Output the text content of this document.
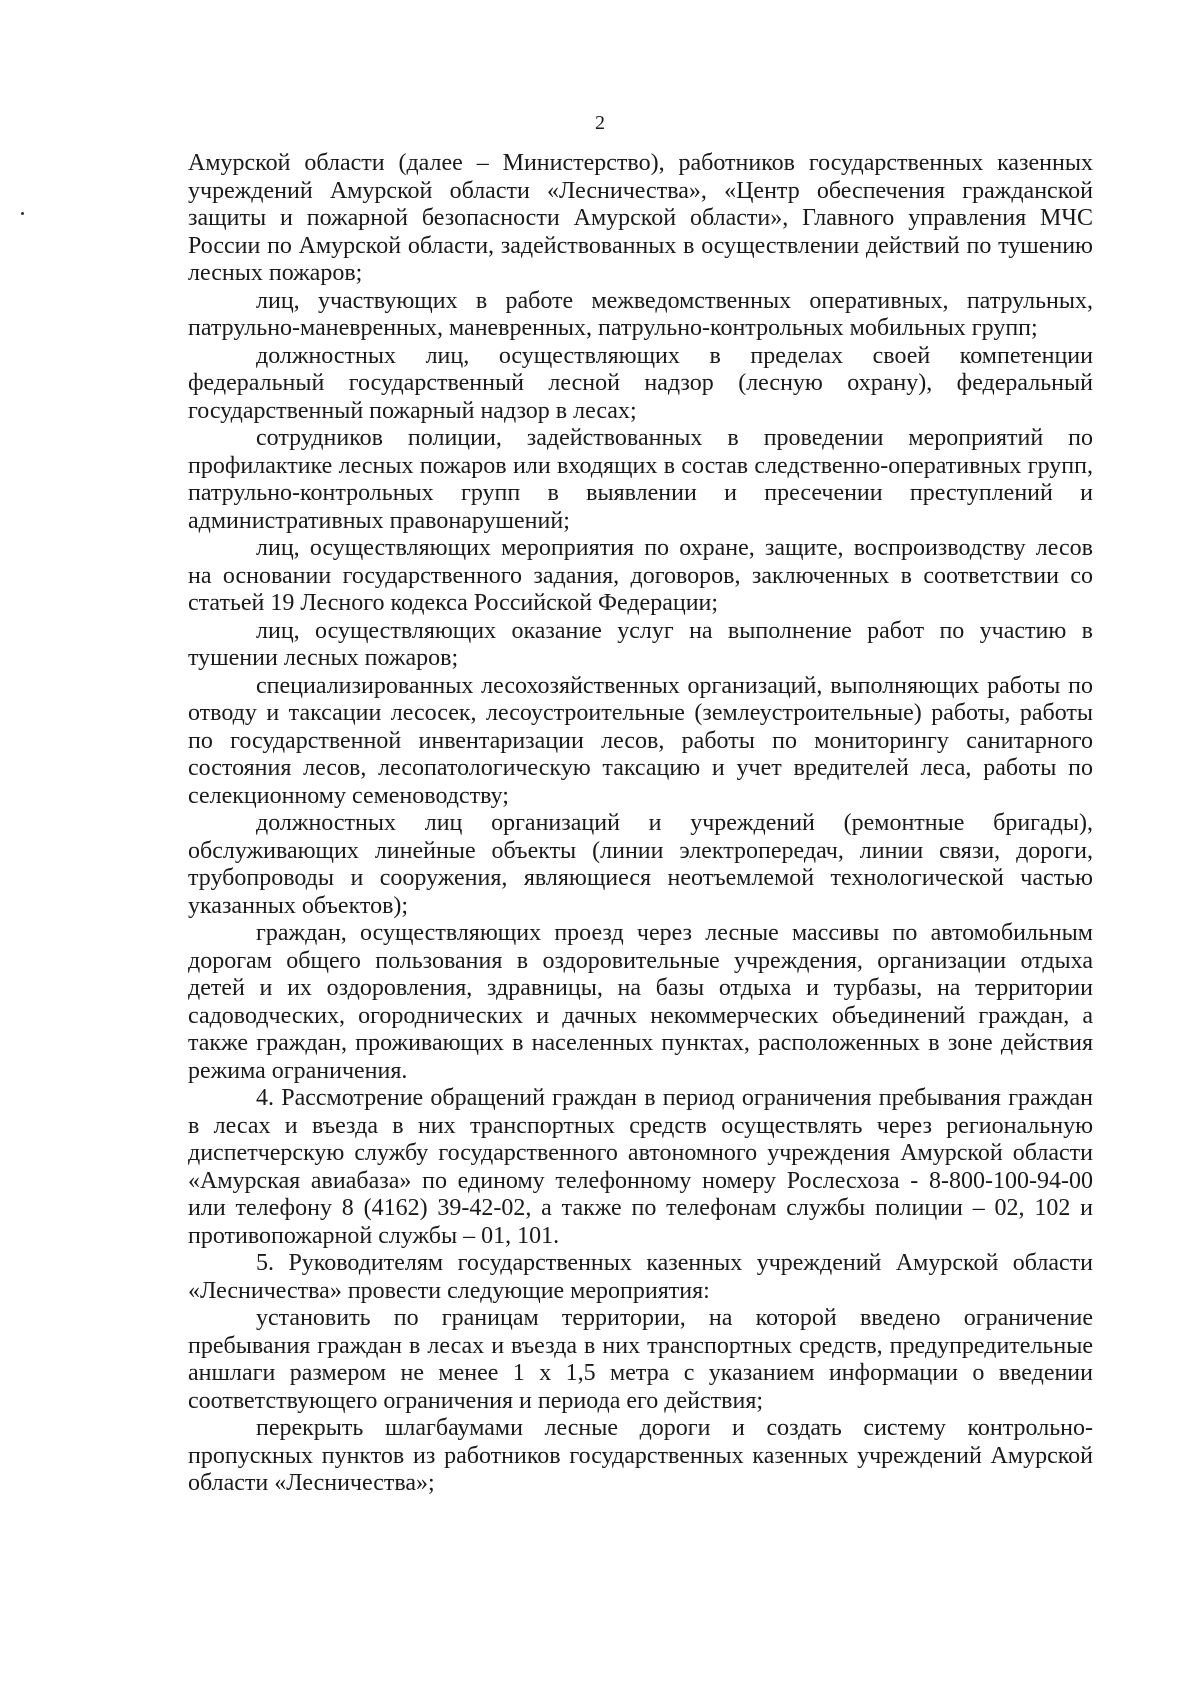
2

Амурской области (далее – Министерство), работников государственных казенных учреждений Амурской области «Лесничества», «Центр обеспечения гражданской защиты и пожарной безопасности Амурской области», Главного управления МЧС России по Амурской области, задействованных в осуществлении действий по тушению лесных пожаров;

лиц, участвующих в работе межведомственных оперативных, патрульных, патрульно-маневренных, маневренных, патрульно-контрольных мобильных групп;

должностных лиц, осуществляющих в пределах своей компетенции федеральный государственный лесной надзор (лесную охрану), федеральный государственный пожарный надзор в лесах;

сотрудников полиции, задействованных в проведении мероприятий по профилактике лесных пожаров или входящих в состав следственно-оперативных групп, патрульно-контрольных групп в выявлении и пресечении преступлений и административных правонарушений;

лиц, осуществляющих мероприятия по охране, защите, воспроизводству лесов на основании государственного задания, договоров, заключенных в соответствии со статьей 19 Лесного кодекса Российской Федерации;

лиц, осуществляющих оказание услуг на выполнение работ по участию в тушении лесных пожаров;

специализированных лесохозяйственных организаций, выполняющих работы по отводу и таксации лесосек, лесоустроительные (землеустроительные) работы, работы по государственной инвентаризации лесов, работы по мониторингу санитарного состояния лесов, лесопатологическую таксацию и учет вредителей леса, работы по селекционному семеноводству;

должностных лиц организаций и учреждений (ремонтные бригады), обслуживающих линейные объекты (линии электропередач, линии связи, дороги, трубопроводы и сооружения, являющиеся неотъемлемой технологической частью указанных объектов);

граждан, осуществляющих проезд через лесные массивы по автомобильным дорогам общего пользования в оздоровительные учреждения, организации отдыха детей и их оздоровления, здравницы, на базы отдыха и турбазы, на территории садоводческих, огороднических и дачных некоммерческих объединений граждан, а также граждан, проживающих в населенных пунктах, расположенных в зоне действия режима ограничения.

4. Рассмотрение обращений граждан в период ограничения пребывания граждан в лесах и въезда в них транспортных средств осуществлять через региональную диспетчерскую службу государственного автономного учреждения Амурской области «Амурская авиабаза» по единому телефонному номеру Рослесхоза - 8-800-100-94-00 или телефону 8 (4162) 39-42-02, а также по телефонам службы полиции – 02, 102 и противопожарной службы – 01, 101.

5. Руководителям государственных казенных учреждений Амурской области «Лесничества» провести следующие мероприятия:

установить по границам территории, на которой введено ограничение пребывания граждан в лесах и въезда в них транспортных средств, предупредительные аншлаги размером не менее 1 х 1,5 метра с указанием информации о введении соответствующего ограничения и периода его действия;

перекрыть шлагбаумами лесные дороги и создать систему контрольно-пропускных пунктов из работников государственных казенных учреждений Амурской области «Лесничества»;
